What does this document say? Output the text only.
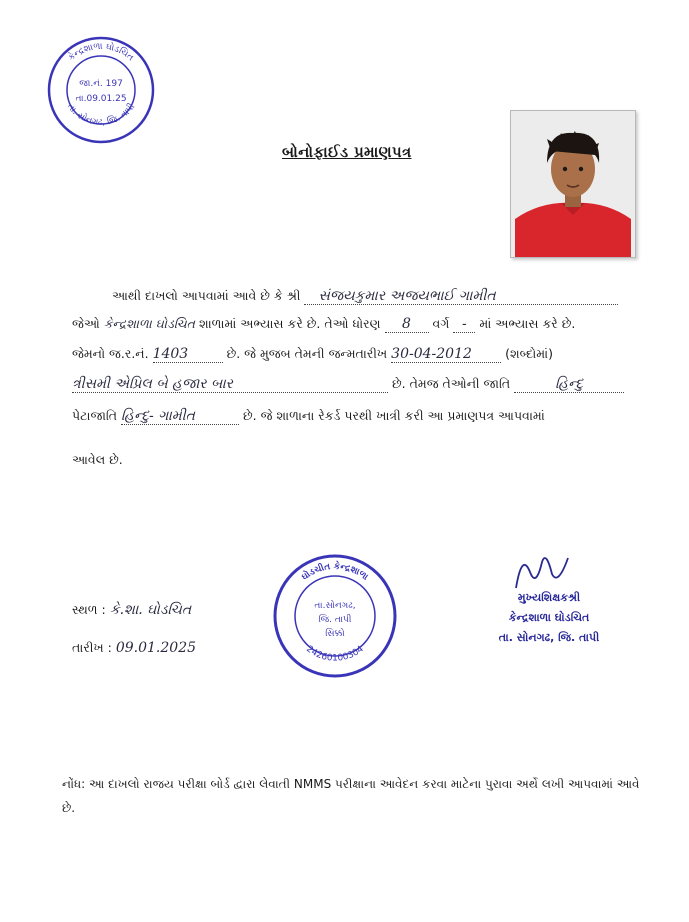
કેન્દ્રશાળા ઘોડચિત
તા. સોનગઢ, જિ. તાપી
જા.નં. 197
તા.09.01.25
બોનોફાઈડ પ્રમાણપત્ર
આથી દાખલો આપવામાં આવે છે કે શ્રી સંજયકુમાર અજયભાઈ ગામીત
જેઓ કેન્દ્રશાળા ઘોડચિત શાળામાં અભ્યાસ કરે છે. તેઓ ધોરણ 8 વર્ગ - માં અભ્યાસ કરે છે.
જેમનો જ.ર.નં. 1403	છે. જે મુજબ તેમની જન્મતારીખ 30-04-2012	(શબ્દોમાં)
ત્રીસમી એપ્રિલ બે હજાર બાર	છે. તેમજ તેઓની જાતિ	હિન્દુ
પેટાજાતિ હિન્દુ- ગામીત	છે. જે શાળાના રેકર્ડ પરથી ખાત્રી કરી આ પ્રમાણપત્ર આપવામાં
આવેલ છે.
સ્થળ : કે.શા. ઘોડચિત
તારીખ : 09.01.2025
ઘોડચીત કેન્દ્રશાળા
24260100304
તા.સોનગઢ,
જિ. તાપી
સિક્કો
મુખ્યશિક્ષકશ્રી
કેન્દ્રશાળા ઘોડચિત
તા. સોનગઢ, જિ. તાપી
નોંધ: આ દાખલો રાજય પરીક્ષા બોર્ડ દ્વારા લેવાતી NMMS પરીક્ષાના આવેદન કરવા માટેના પુરાવા અર્થે લખી આપવામાં આવે છે.
